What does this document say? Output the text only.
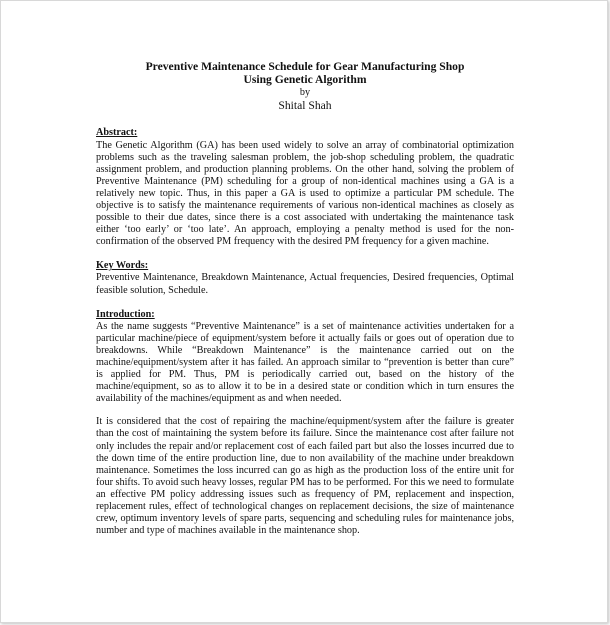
Preventive Maintenance Schedule for Gear Manufacturing Shop

Using Genetic Algorithm

by

Shital Shah

Abstract:

The Genetic Algorithm (GA) has been used widely to solve an array of combinatorial optimization problems such as the traveling salesman problem, the job-shop scheduling problem, the quadratic assignment problem, and production planning problems. On the other hand, solving the problem of Preventive Maintenance (PM) scheduling for a group of non-identical machines using a GA is a relatively new topic. Thus, in this paper a GA is used to optimize a particular PM schedule. The objective is to satisfy the maintenance requirements of various non-identical machines as closely as possible to their due dates, since there is a cost associated with undertaking the maintenance task either ‘too early’ or ‘too late’. An approach, employing a penalty method is used for the non-confirmation of the observed PM frequency with the desired PM frequency for a given machine.

Key Words:

Preventive Maintenance, Breakdown Maintenance, Actual frequencies, Desired frequencies, Optimal feasible solution, Schedule.

Introduction:

As the name suggests “Preventive Maintenance” is a set of maintenance activities undertaken for a particular machine/piece of equipment/system before it actually fails or goes out of operation due to breakdowns. While “Breakdown Maintenance” is the maintenance carried out on the machine/equipment/system after it has failed. An approach similar to “prevention is better than cure” is applied for PM. Thus, PM is periodically carried out, based on the history of the machine/equipment, so as to allow it to be in a desired state or condition which in turn ensures the availability of the machines/equipment as and when needed.

It is considered that the cost of repairing the machine/equipment/system after the failure is greater than the cost of maintaining the system before its failure. Since the maintenance cost after failure not only includes the repair and/or replacement cost of each failed part but also the losses incurred due to the down time of the entire production line, due to non availability of the machine under breakdown maintenance. Sometimes the loss incurred can go as high as the production loss of the entire unit for four shifts. To avoid such heavy losses, regular PM has to be performed. For this we need to formulate an effective PM policy addressing issues such as frequency of PM, replacement and inspection, replacement rules, effect of technological changes on replacement decisions, the size of maintenance crew, optimum inventory levels of spare parts, sequencing and scheduling rules for maintenance jobs, number and type of machines available in the maintenance shop.
